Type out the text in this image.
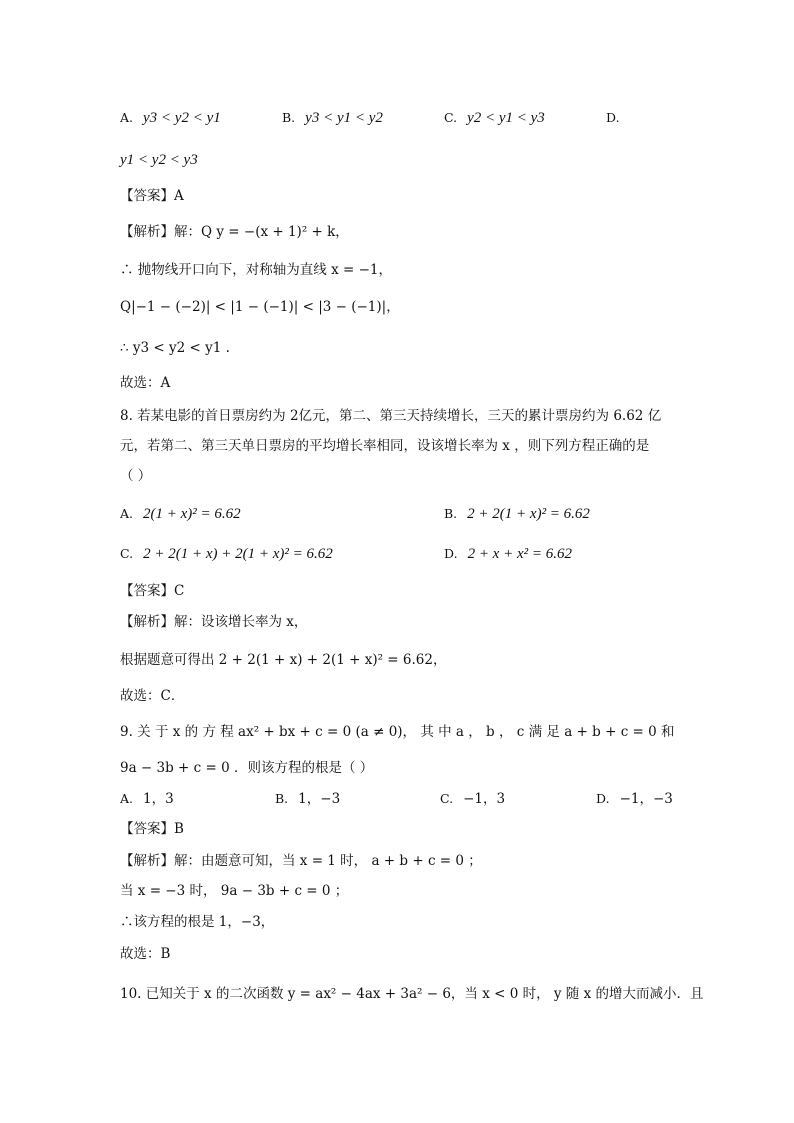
A. y3 < y2 < y1	B. y3 < y1 < y2	C. y2 < y1 < y3	D.
y1 < y2 < y3
【答案】A
【解析】解：Q y = −(x + 1)² + k，
∴ 抛物线开口向下，对称轴为直线 x = −1，
Q|−1 − (−2)| < |1 − (−1)| < |3 − (−1)|，
∴ y3 < y2 < y1 .
故选：A
8. 若某电影的首日票房约为 2亿元，第二、第三天持续增长，三天的累计票房约为 6.62 亿
元，若第二、第三天单日票房的平均增长率相同，设该增长率为 x ，则下列方程正确的是
（ ）
A. 2(1 + x)² = 6.62	B. 2 + 2(1 + x)² = 6.62
C. 2 + 2(1 + x) + 2(1 + x)² = 6.62	D. 2 + x + x² = 6.62
【答案】C
【解析】解：设该增长率为 x，
根据题意可得出 2 + 2(1 + x) + 2(1 + x)² = 6.62，
故选：C．
9. 关 于 x 的 方 程 ax² + bx + c = 0 (a ≠ 0)， 其 中 a ， b ， c 满 足 a + b + c = 0 和
9a − 3b + c = 0 ．则该方程的根是（ ）
A. 1，3	B. 1，−3	C. −1，3	D. −1，−3
【答案】B
【解析】解：由题意可知，当 x = 1 时， a + b + c = 0 ；
当 x = −3 时， 9a − 3b + c = 0 ；
∴该方程的根是 1，−3，
故选：B
10. 已知关于 x 的二次函数 y = ax² − 4ax + 3a² − 6，当 x < 0 时， y 随 x 的增大而减小．且
